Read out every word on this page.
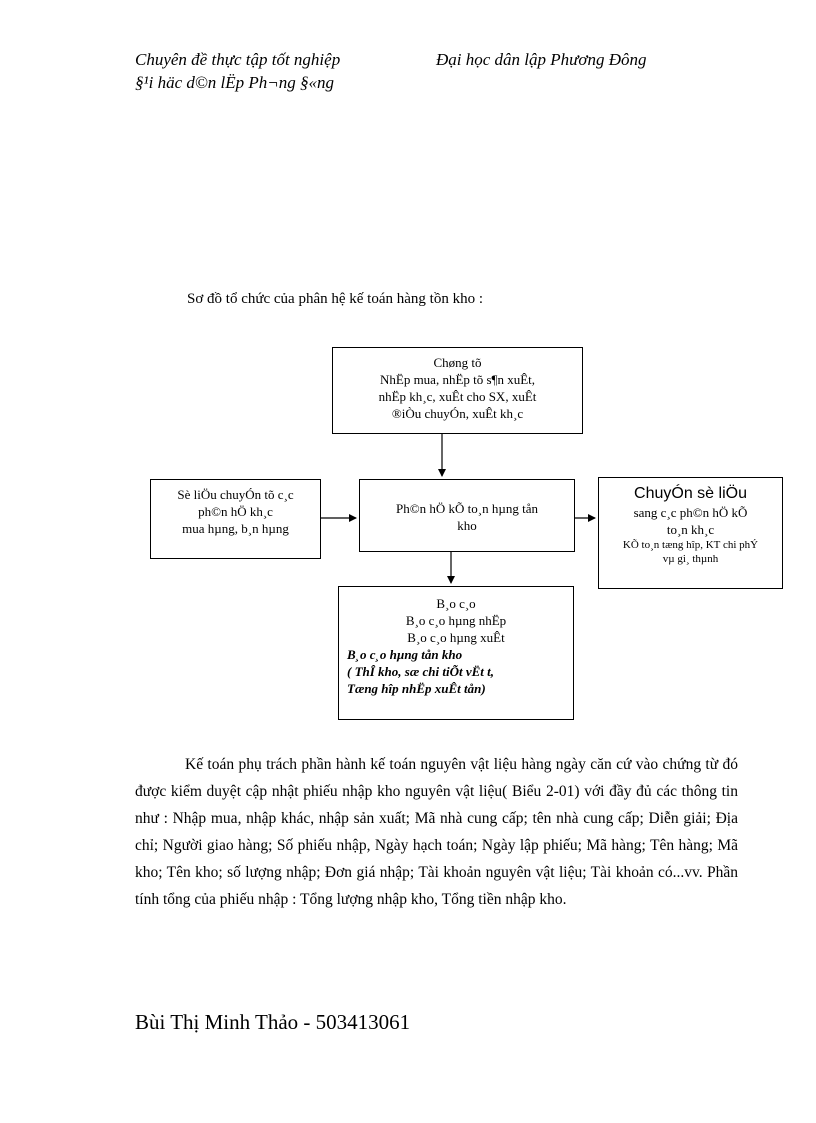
Chuyên đề thực tập tốt nghiệp
§¹i häc d©n lËp Ph¬ng §«ng
Đại học dân lập Phương Đông
Sơ đồ tổ chức của phân hệ kế toán hàng tồn kho :
Chøng tõ
NhËp mua, nhËp tõ s¶n xuÊt,
nhËp kh¸c, xuÊt cho SX, xuÊt
®iÒu chuyÓn, xuÊt kh¸c
Sè liÖu chuyÓn tõ c¸c
ph©n hÖ kh¸c
mua hµng, b¸n hµng
Ph©n hÖ kÕ to¸n hµng tån
kho
ChuyÓn sè liÖu
sang c¸c ph©n hÖ kÕ
to¸n kh¸c
KÕ to¸n tæng hîp, KT chi phÝ
vµ gi¸ thµnh
B¸o c¸o
B¸o c¸o hµng nhËp
B¸o c¸o hµng xuÊt
B¸o c¸o hµng tån kho
( ThÎ kho, sæ chi tiÕt vËt t,
Tæng hîp nhËp xuÊt tån)
Kế toán phụ trách phần hành kế toán nguyên vật liệu hàng ngày căn cứ vào chứng từ đó được kiểm duyệt cập nhật phiếu nhập kho nguyên vật liệu( Biểu 2-01) với đầy đủ các thông tin như : Nhập mua, nhập khác, nhập sản xuất; Mã nhà cung cấp; tên nhà cung cấp; Diễn giải; Địa chỉ; Người giao hàng; Số phiếu nhập, Ngày hạch toán; Ngày lập phiếu; Mã hàng; Tên hàng; Mã kho; Tên kho; số lượng nhập; Đơn giá nhập; Tài khoản nguyên vật liệu; Tài khoản có...vv. Phần tính tổng của phiếu nhập : Tổng lượng nhập kho, Tổng tiền nhập kho.
Bùi Thị Minh Thảo - 503413061
